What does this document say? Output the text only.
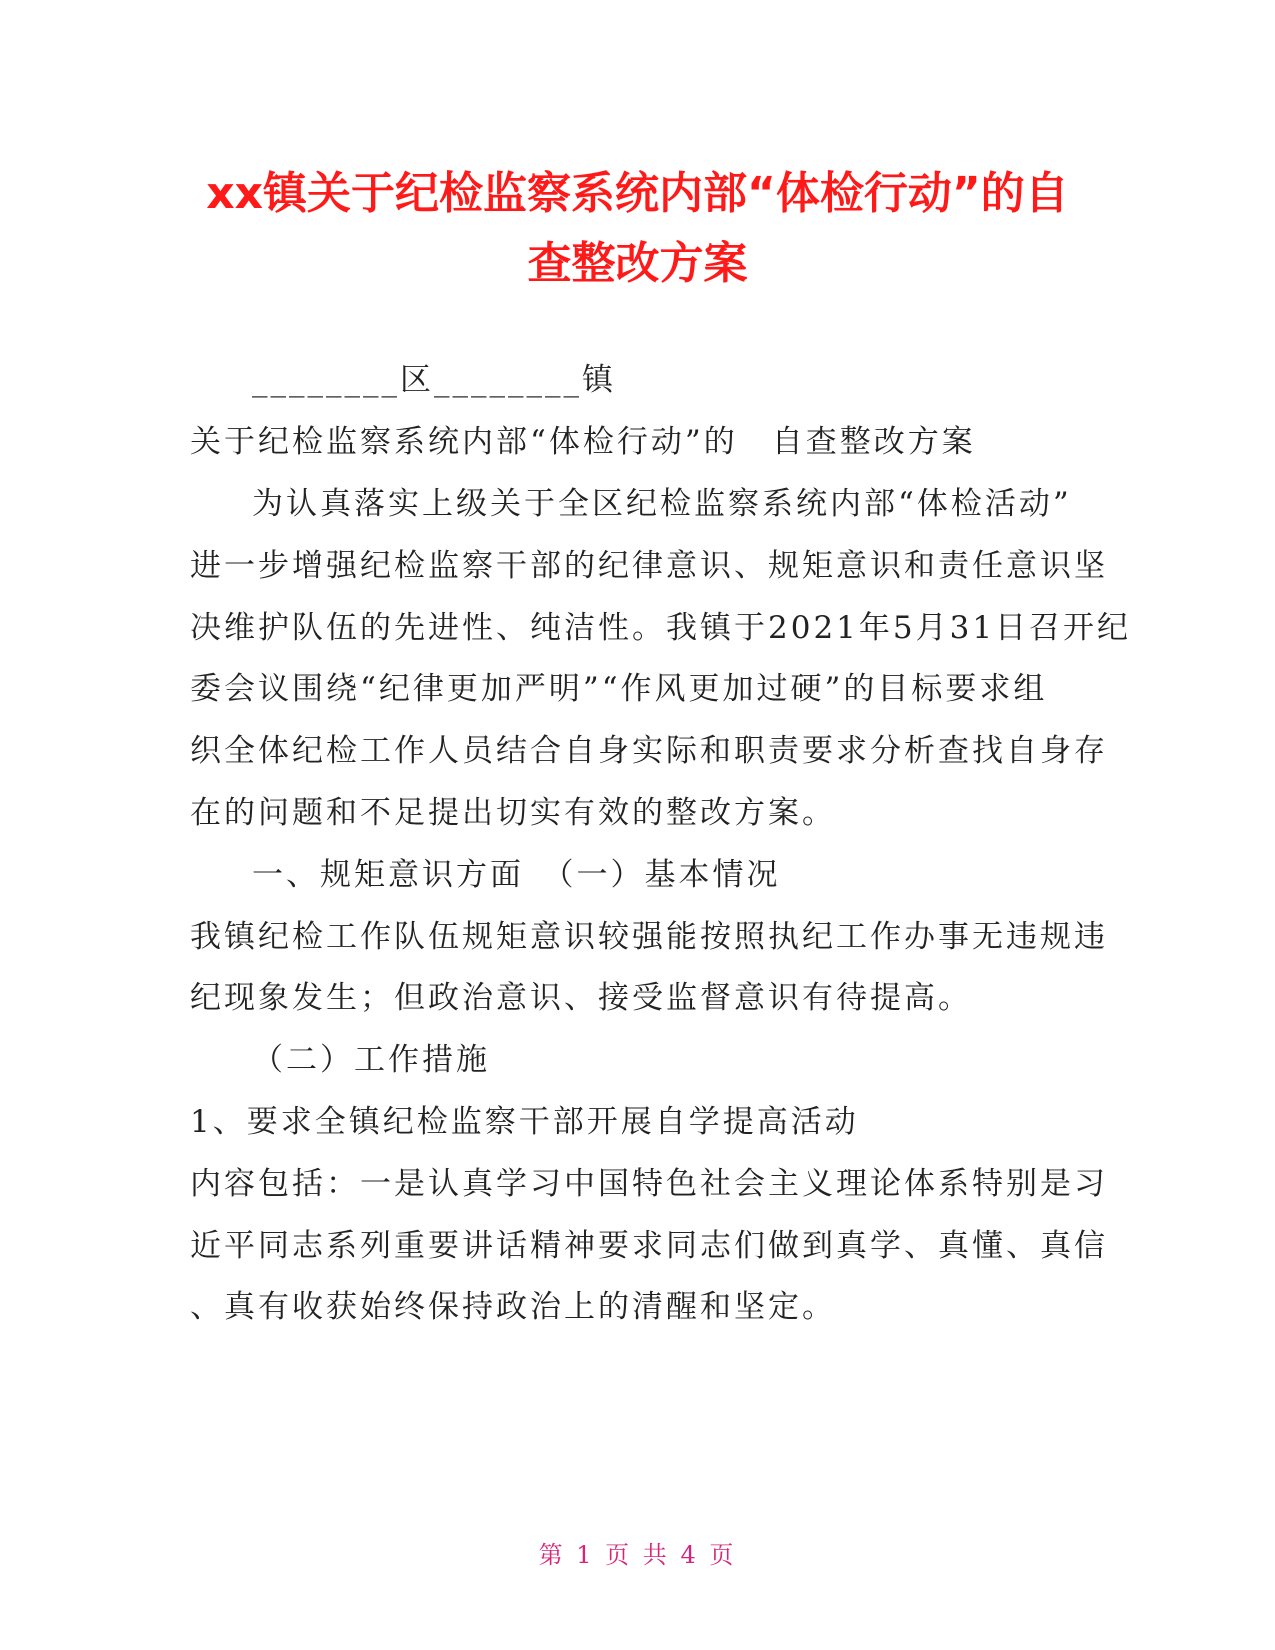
xx镇关于纪检监察系统内部“体检行动”的自
查整改方案
________区________镇
关于纪检监察系统内部“体检行动”的　自查整改方案
为认真落实上级关于全区纪检监察系统内部“体检活动”
进一步增强纪检监察干部的纪律意识、规矩意识和责任意识坚
决维护队伍的先进性、纯洁性。我镇于2021年5月31日召开纪
委会议围绕“纪律更加严明”“作风更加过硬”的目标要求组
织全体纪检工作人员结合自身实际和职责要求分析查找自身存
在的问题和不足提出切实有效的整改方案。
一、规矩意识方面　（一）基本情况
我镇纪检工作队伍规矩意识较强能按照执纪工作办事无违规违
纪现象发生；但政治意识、接受监督意识有待提高。
（二）工作措施
1、要求全镇纪检监察干部开展自学提高活动
内容包括：一是认真学习中国特色社会主义理论体系特别是习
近平同志系列重要讲话精神要求同志们做到真学、真懂、真信
、真有收获始终保持政治上的清醒和坚定。
第 1 页 共 4 页
